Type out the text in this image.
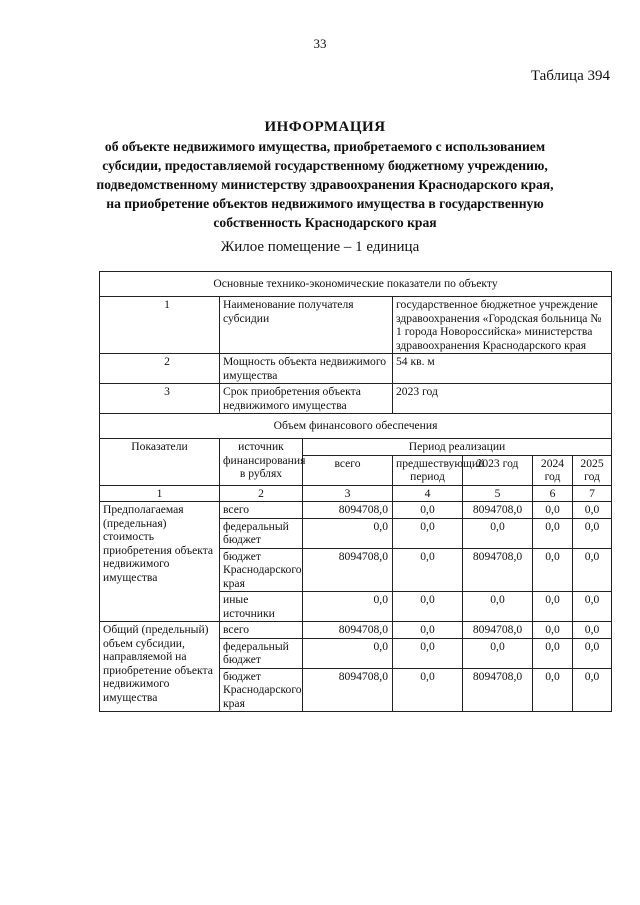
33
Таблица 394
ИНФОРМАЦИЯ
об объекте недвижимого имущества, приобретаемого с использованием
субсидии, предоставляемой государственному бюджетному учреждению,
подведомственному министерству здравоохранения Краснодарского края,
на приобретение объектов недвижимого имущества в государственную
собственность Краснодарского края
Жилое помещение – 1 единица
Основные технико-экономические показатели по объекту						
1	Наименование получателя субсидии		государственное бюджетное учреждение здравоохранения «Городская больница № 1 города Новороссийска» министерства здравоохранения Краснодарского края			
2	Мощность объекта недвижимого имущества		54 кв. м			
3	Срок приобретения объекта недвижимого имущества		2023 год			
Объем финансового обеспечения						
Показатели	источник финансирования в рублях	Период реализации				
		всего	предшествующий период	2023 год	2024 год	2025 год
1	2	3	4	5	6	7
Предполагаемая (предельная) стоимость приобретения объекта недвижимого имущества	всего	8094708,0	0,0	8094708,0	0,0	0,0
	федеральный бюджет	0,0	0,0	0,0	0,0	0,0
	бюджет Краснодарского края	8094708,0	0,0	8094708,0	0,0	0,0
	иные источники	0,0	0,0	0,0	0,0	0,0
Общий (предельный) объем субсидии, направляемой на приобретение объекта недвижимого имущества	всего	8094708,0	0,0	8094708,0	0,0	0,0
	федеральный бюджет	0,0	0,0	0,0	0,0	0,0
	бюджет Краснодарского края	8094708,0	0,0	8094708,0	0,0	0,0
